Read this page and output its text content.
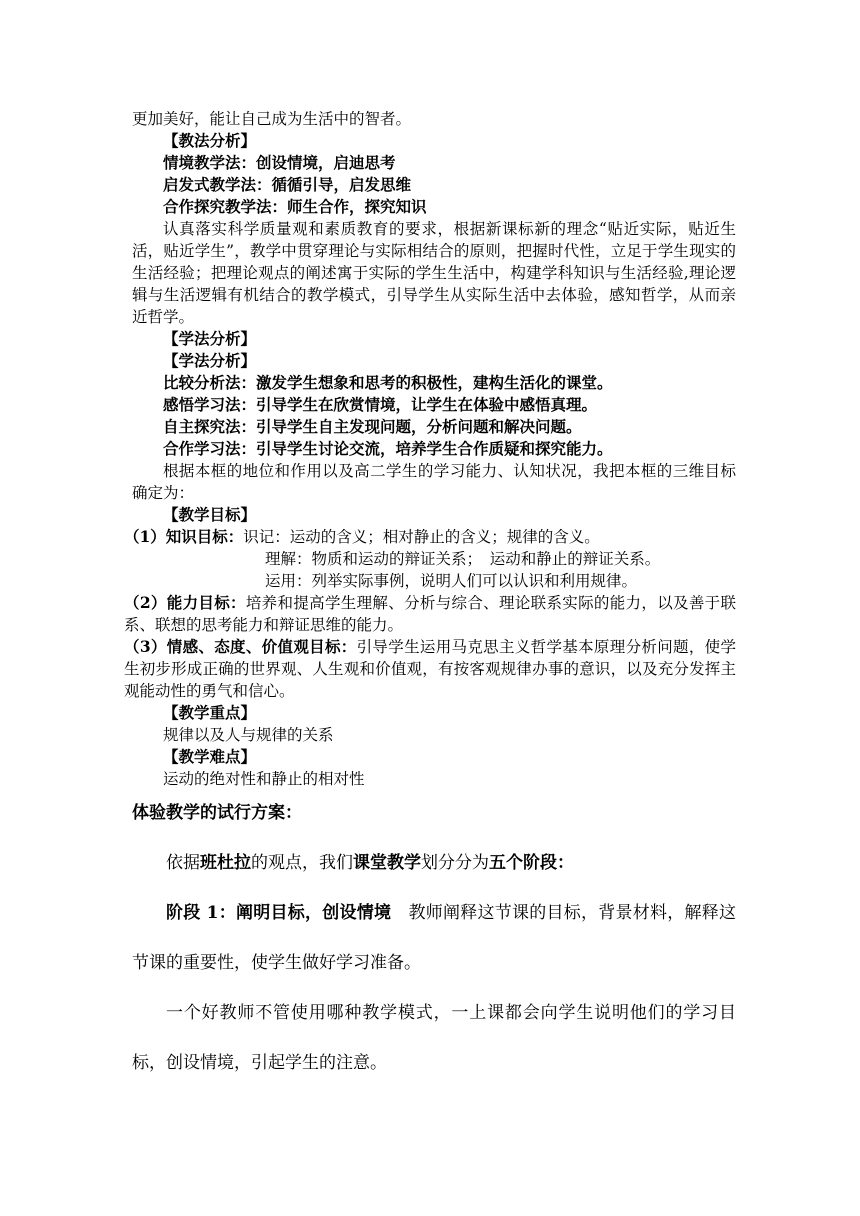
更加美好，能让自己成为生活中的智者。

【教法分析】

情境教学法：创设情境，启迪思考

启发式教学法：循循引导，启发思维

合作探究教学法：师生合作，探究知识

认真落实科学质量观和素质教育的要求，根据新课标新的理念“贴近实际，贴近生活，贴近学生”，教学中贯穿理论与实际相结合的原则，把握时代性，立足于学生现实的生活经验；把理论观点的阐述寓于实际的学生生活中，构建学科知识与生活经验,理论逻辑与生活逻辑有机结合的教学模式，引导学生从实际生活中去体验，感知哲学，从而亲近哲学。

【学法分析】

【学法分析】

比较分析法：激发学生想象和思考的积极性，建构生活化的课堂。

感悟学习法：引导学生在欣赏情境，让学生在体验中感悟真理。

自主探究法：引导学生自主发现问题，分析问题和解决问题。

合作学习法：引导学生讨论交流，培养学生合作质疑和探究能力。

根据本框的地位和作用以及高二学生的学习能力、认知状况，我把本框的三维目标确定为：

【教学目标】

（1）知识目标：识记：运动的含义；相对静止的含义；规律的含义。

理解：物质和运动的辩证关系；　运动和静止的辩证关系。

运用：列举实际事例，说明人们可以认识和利用规律。

（2）能力目标：培养和提高学生理解、分析与综合、理论联系实际的能力，以及善于联系、联想的思考能力和辩证思维的能力。

（3）情感、态度、价值观目标：引导学生运用马克思主义哲学基本原理分析问题，使学生初步形成正确的世界观、人生观和价值观，有按客观规律办事的意识，以及充分发挥主观能动性的勇气和信心。

【教学重点】

规律以及人与规律的关系

【教学难点】

运动的绝对性和静止的相对性

体验教学的试行方案：

依据班杜拉的观点，我们课堂教学划分分为五个阶段：

阶段 1：阐明目标，创设情境　教师阐释这节课的目标，背景材料，解释这节课的重要性，使学生做好学习准备。

一个好教师不管使用哪种教学模式，一上课都会向学生说明他们的学习目标，创设情境，引起学生的注意。
